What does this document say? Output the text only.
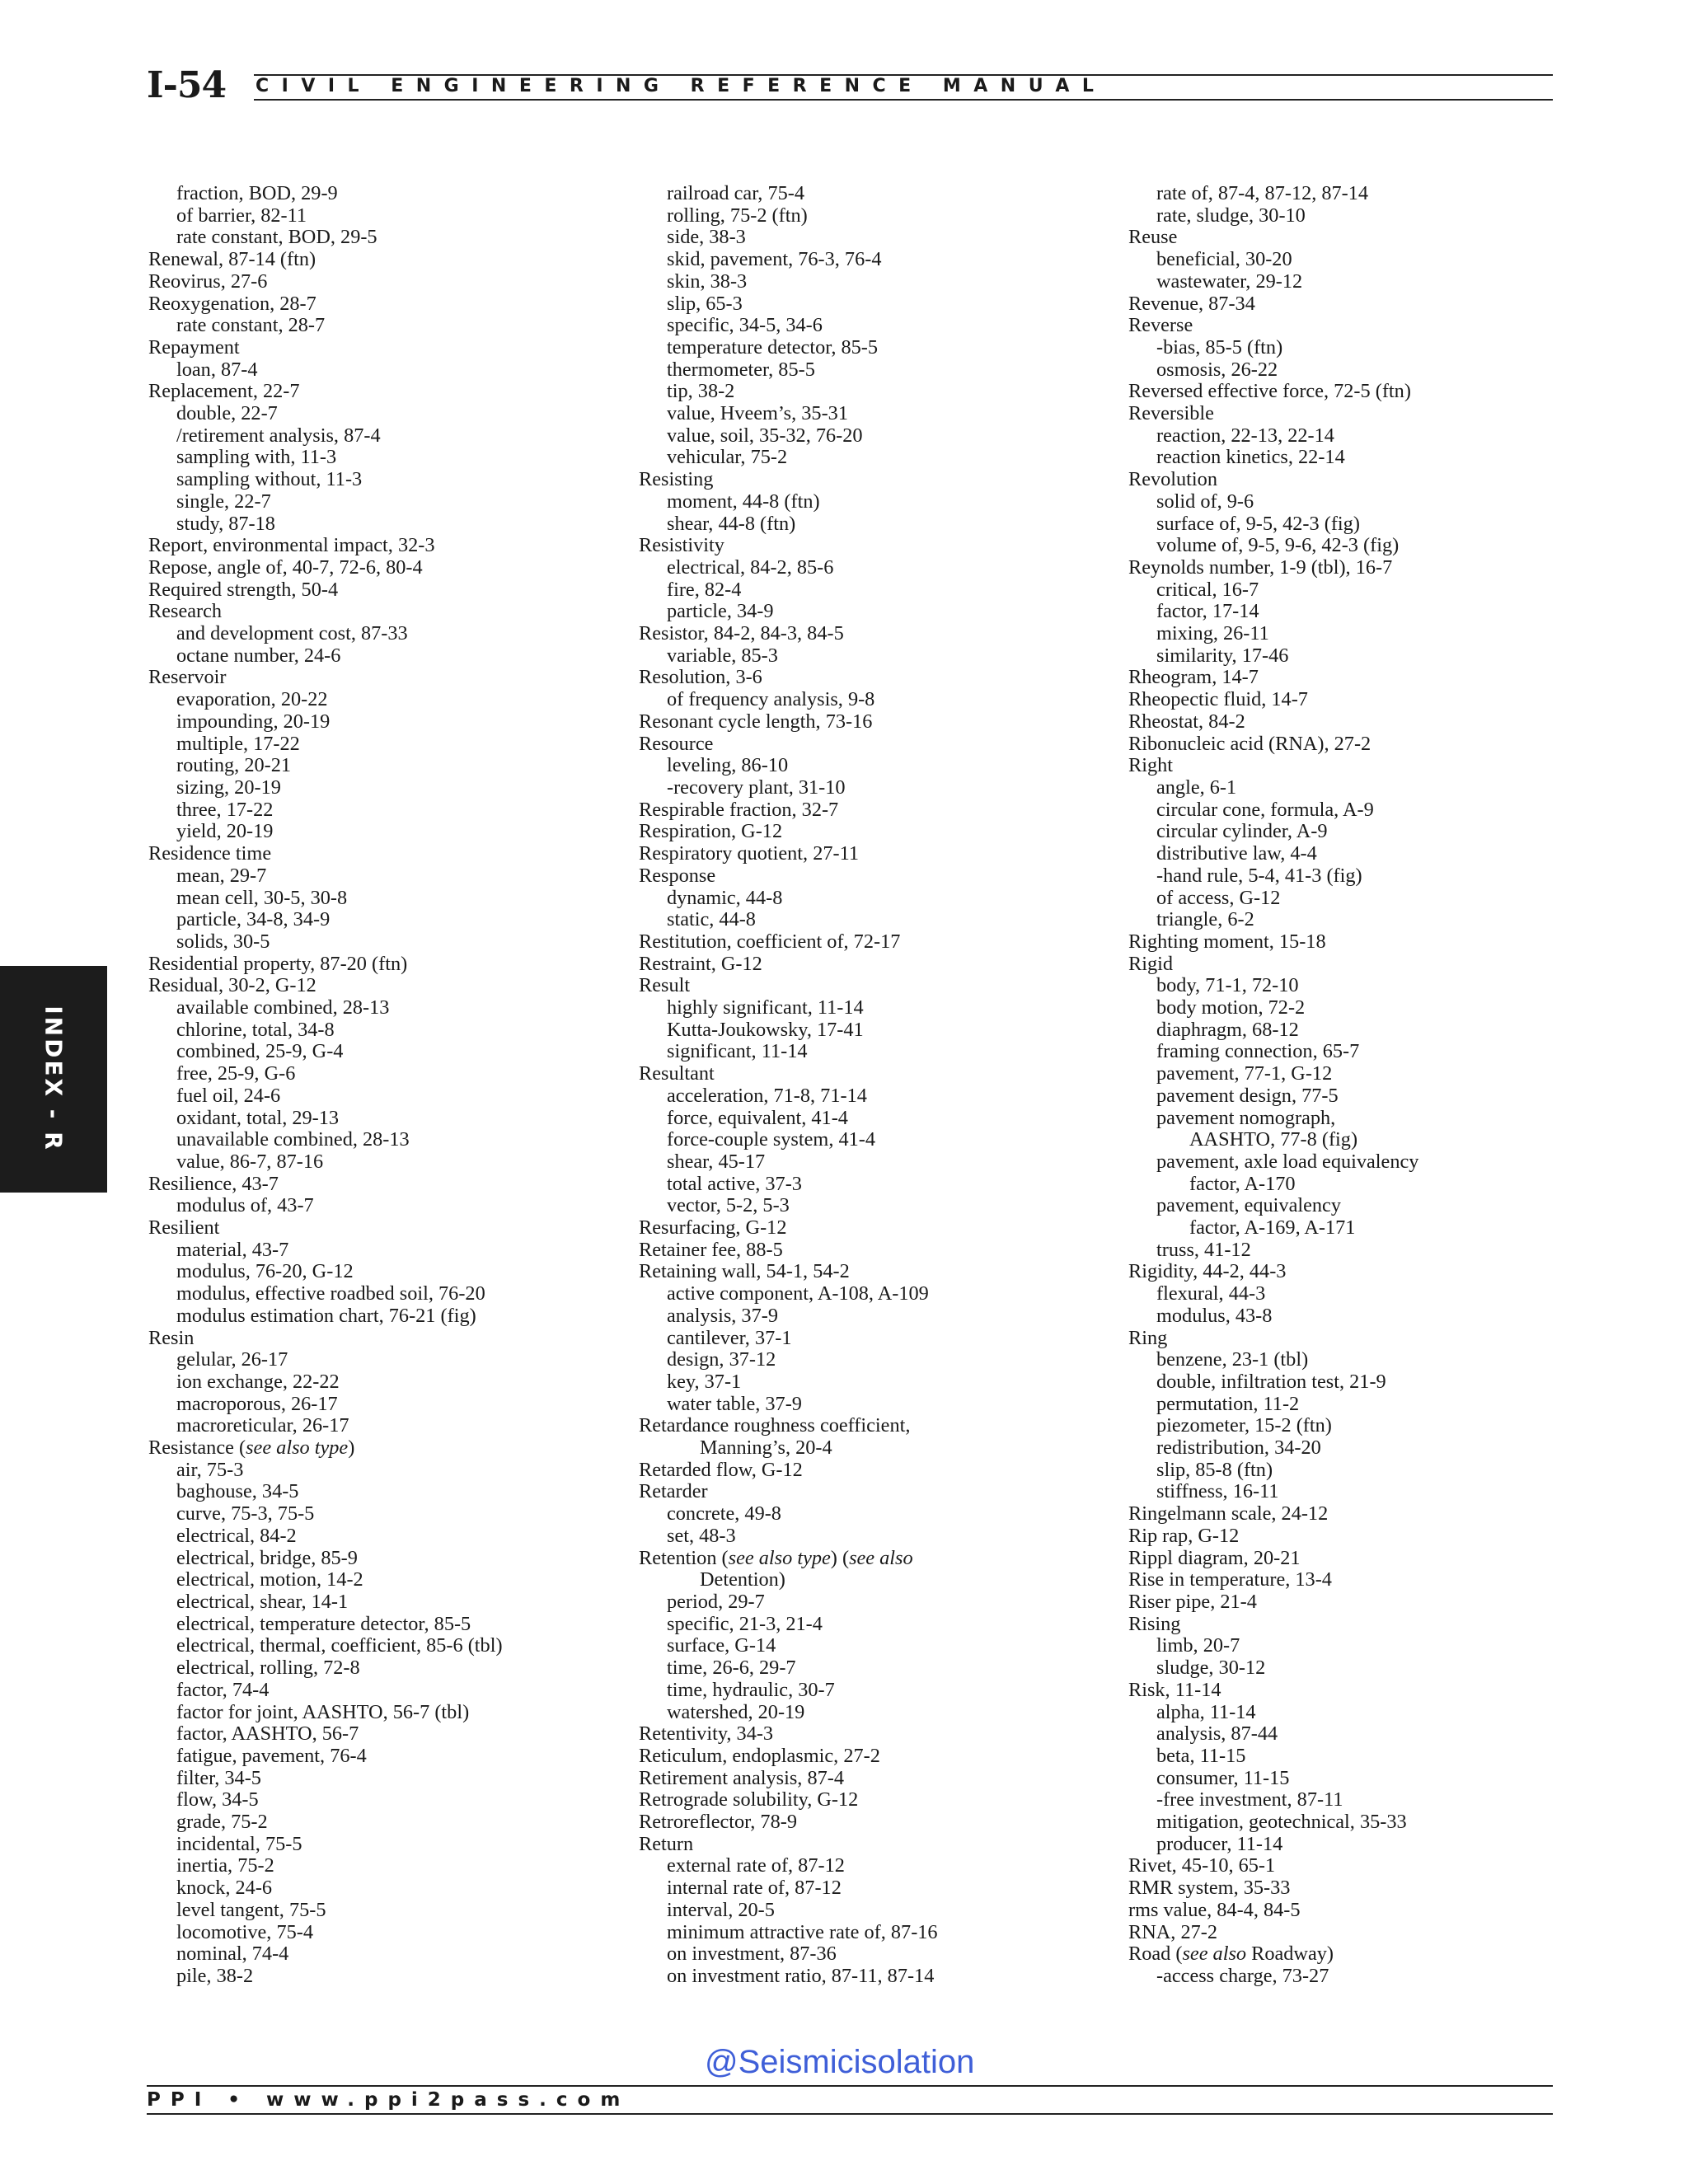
I-54 CIVIL ENGINEERING REFERENCE MANUAL
fraction, BOD, 29-9
of barrier, 82-11
rate constant, BOD, 29-5
Renewal, 87-14 (ftn)
Reovirus, 27-6
Reoxygenation, 28-7
rate constant, 28-7
Repayment
loan, 87-4
Replacement, 22-7
double, 22-7
/retirement analysis, 87-4
sampling with, 11-3
sampling without, 11-3
single, 22-7
study, 87-18
Report, environmental impact, 32-3
Repose, angle of, 40-7, 72-6, 80-4
Required strength, 50-4
Research
and development cost, 87-33
octane number, 24-6
Reservoir
evaporation, 20-22
impounding, 20-19
multiple, 17-22
routing, 20-21
sizing, 20-19
three, 17-22
yield, 20-19
Residence time
mean, 29-7
mean cell, 30-5, 30-8
particle, 34-8, 34-9
solids, 30-5
Residential property, 87-20 (ftn)
Residual, 30-2, G-12
available combined, 28-13
chlorine, total, 34-8
combined, 25-9, G-4
free, 25-9, G-6
fuel oil, 24-6
oxidant, total, 29-13
unavailable combined, 28-13
value, 86-7, 87-16
Resilience, 43-7
modulus of, 43-7
Resilient
material, 43-7
modulus, 76-20, G-12
modulus, effective roadbed soil, 76-20
modulus estimation chart, 76-21 (fig)
Resin
gelular, 26-17
ion exchange, 22-22
macroporous, 26-17
macroreticular, 26-17
Resistance (see also type)
air, 75-3
baghouse, 34-5
curve, 75-3, 75-5
electrical, 84-2
electrical, bridge, 85-9
electrical, motion, 14-2
electrical, shear, 14-1
electrical, temperature detector, 85-5
electrical, thermal, coefficient, 85-6 (tbl)
electrical, rolling, 72-8
factor, 74-4
factor for joint, AASHTO, 56-7 (tbl)
factor, AASHTO, 56-7
fatigue, pavement, 76-4
filter, 34-5
flow, 34-5
grade, 75-2
incidental, 75-5
inertia, 75-2
knock, 24-6
level tangent, 75-5
locomotive, 75-4
nominal, 74-4
pile, 38-2
railroad car, 75-4
rolling, 75-2 (ftn)
side, 38-3
skid, pavement, 76-3, 76-4
skin, 38-3
slip, 65-3
specific, 34-5, 34-6
temperature detector, 85-5
thermometer, 85-5
tip, 38-2
value, Hveem’s, 35-31
value, soil, 35-32, 76-20
vehicular, 75-2
Resisting
moment, 44-8 (ftn)
shear, 44-8 (ftn)
Resistivity
electrical, 84-2, 85-6
fire, 82-4
particle, 34-9
Resistor, 84-2, 84-3, 84-5
variable, 85-3
Resolution, 3-6
of frequency analysis, 9-8
Resonant cycle length, 73-16
Resource
leveling, 86-10
-recovery plant, 31-10
Respirable fraction, 32-7
Respiration, G-12
Respiratory quotient, 27-11
Response
dynamic, 44-8
static, 44-8
Restitution, coefficient of, 72-17
Restraint, G-12
Result
highly significant, 11-14
Kutta-Joukowsky, 17-41
significant, 11-14
Resultant
acceleration, 71-8, 71-14
force, equivalent, 41-4
force-couple system, 41-4
shear, 45-17
total active, 37-3
vector, 5-2, 5-3
Resurfacing, G-12
Retainer fee, 88-5
Retaining wall, 54-1, 54-2
active component, A-108, A-109
analysis, 37-9
cantilever, 37-1
design, 37-12
key, 37-1
water table, 37-9
Retardance roughness coefficient,
Manning’s, 20-4
Retarded flow, G-12
Retarder
concrete, 49-8
set, 48-3
Retention (see also type) (see also
Detention)
period, 29-7
specific, 21-3, 21-4
surface, G-14
time, 26-6, 29-7
time, hydraulic, 30-7
watershed, 20-19
Retentivity, 34-3
Reticulum, endoplasmic, 27-2
Retirement analysis, 87-4
Retrograde solubility, G-12
Retroreflector, 78-9
Return
external rate of, 87-12
internal rate of, 87-12
interval, 20-5
minimum attractive rate of, 87-16
on investment, 87-36
on investment ratio, 87-11, 87-14
rate of, 87-4, 87-12, 87-14
rate, sludge, 30-10
Reuse
beneficial, 30-20
wastewater, 29-12
Revenue, 87-34
Reverse
-bias, 85-5 (ftn)
osmosis, 26-22
Reversed effective force, 72-5 (ftn)
Reversible
reaction, 22-13, 22-14
reaction kinetics, 22-14
Revolution
solid of, 9-6
surface of, 9-5, 42-3 (fig)
volume of, 9-5, 9-6, 42-3 (fig)
Reynolds number, 1-9 (tbl), 16-7
critical, 16-7
factor, 17-14
mixing, 26-11
similarity, 17-46
Rheogram, 14-7
Rheopectic fluid, 14-7
Rheostat, 84-2
Ribonucleic acid (RNA), 27-2
Right
angle, 6-1
circular cone, formula, A-9
circular cylinder, A-9
distributive law, 4-4
-hand rule, 5-4, 41-3 (fig)
of access, G-12
triangle, 6-2
Righting moment, 15-18
Rigid
body, 71-1, 72-10
body motion, 72-2
diaphragm, 68-12
framing connection, 65-7
pavement, 77-1, G-12
pavement design, 77-5
pavement nomograph,
AASHTO, 77-8 (fig)
pavement, axle load equivalency
factor, A-170
pavement, equivalency
factor, A-169, A-171
truss, 41-12
Rigidity, 44-2, 44-3
flexural, 44-3
modulus, 43-8
Ring
benzene, 23-1 (tbl)
double, infiltration test, 21-9
permutation, 11-2
piezometer, 15-2 (ftn)
redistribution, 34-20
slip, 85-8 (ftn)
stiffness, 16-11
Ringelmann scale, 24-12
Rip rap, G-12
Rippl diagram, 20-21
Rise in temperature, 13-4
Riser pipe, 21-4
Rising
limb, 20-7
sludge, 30-12
Risk, 11-14
alpha, 11-14
analysis, 87-44
beta, 11-15
consumer, 11-15
-free investment, 87-11
mitigation, geotechnical, 35-33
producer, 11-14
Rivet, 45-10, 65-1
RMR system, 35-33
rms value, 84-4, 84-5
RNA, 27-2
Road (see also Roadway)
-access charge, 73-27
INDEX - R
@Seismicisolation
PPI • www.ppi2pass.com
